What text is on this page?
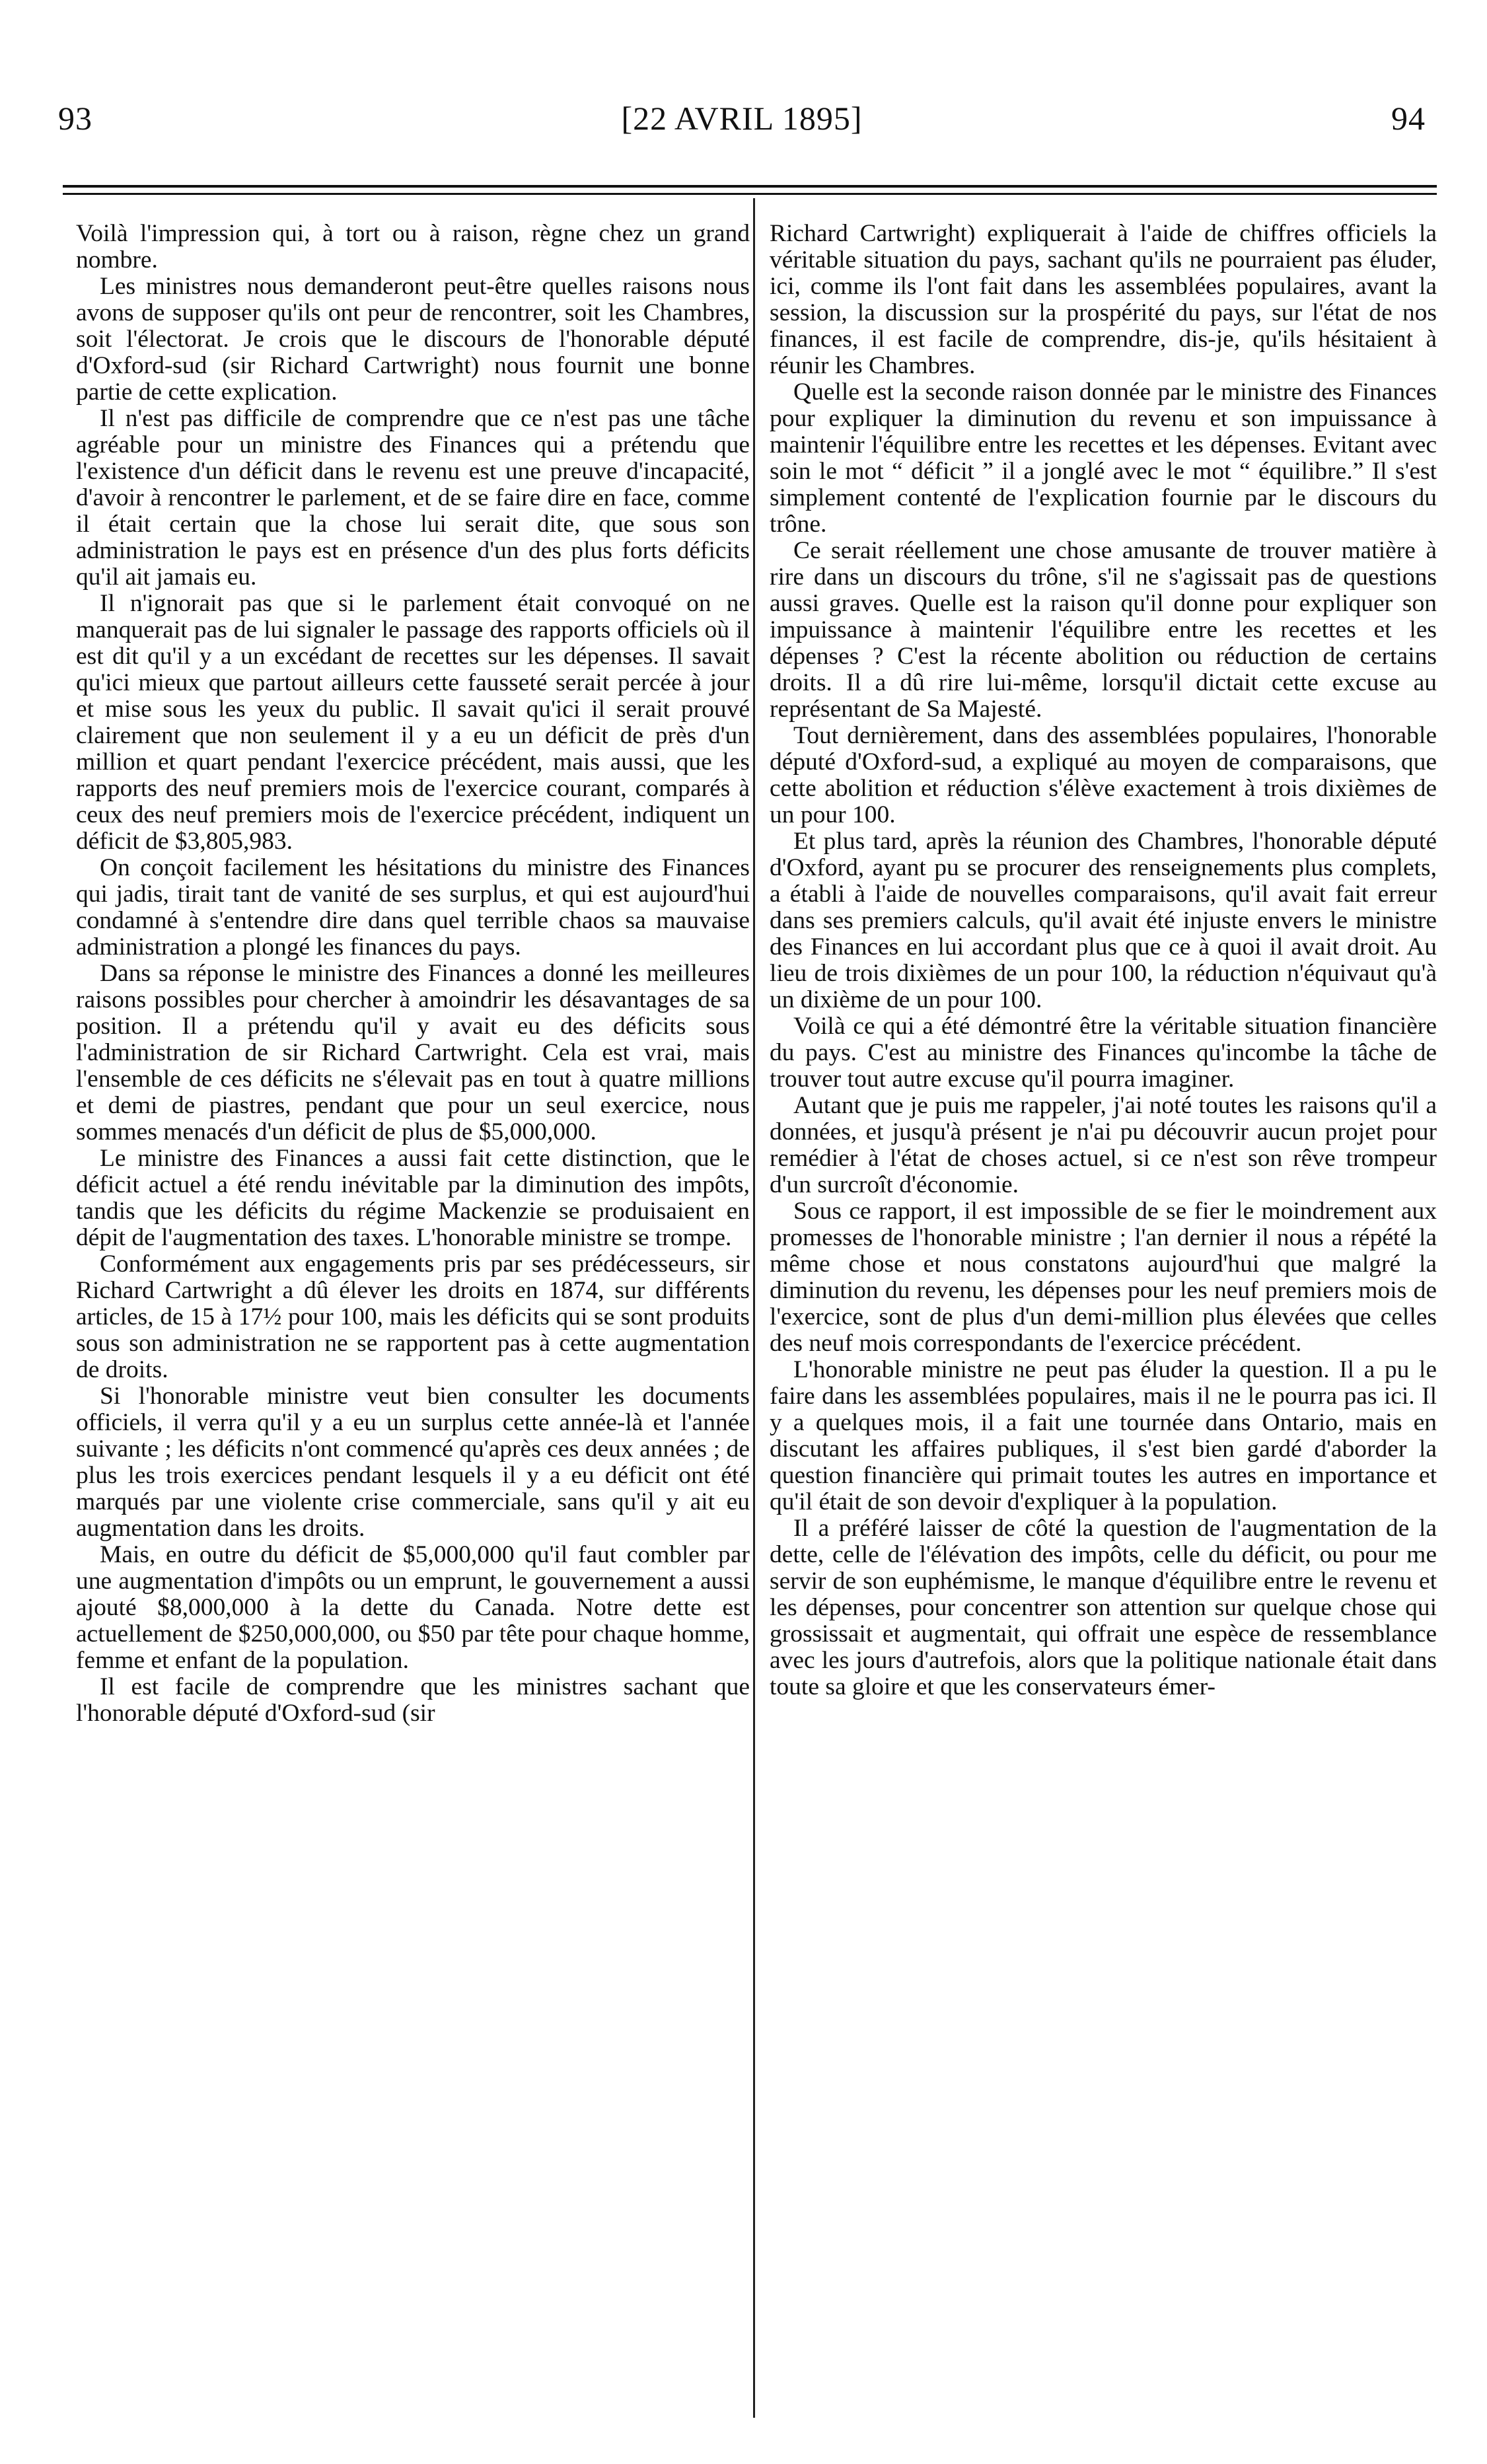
93	[22 AVRIL 1895]	94

Voilà l'impression qui, à tort ou à raison, règne chez un grand nombre.

Les ministres nous demanderont peut-être quelles raisons nous avons de supposer qu'ils ont peur de rencontrer, soit les Chambres, soit l'électorat. Je crois que le discours de l'honorable député d'Oxford-sud (sir Richard Cartwright) nous fournit une bonne partie de cette explication.

Il n'est pas difficile de comprendre que ce n'est pas une tâche agréable pour un ministre des Finances qui a prétendu que l'existence d'un déficit dans le revenu est une preuve d'incapacité, d'avoir à rencontrer le parlement, et de se faire dire en face, comme il était certain que la chose lui serait dite, que sous son administration le pays est en présence d'un des plus forts déficits qu'il ait jamais eu.

Il n'ignorait pas que si le parlement était convoqué on ne manquerait pas de lui signaler le passage des rapports officiels où il est dit qu'il y a un excédant de recettes sur les dépenses. Il savait qu'ici mieux que partout ailleurs cette fausseté serait percée à jour et mise sous les yeux du public. Il savait qu'ici il serait prouvé clairement que non seulement il y a eu un déficit de près d'un million et quart pendant l'exercice précédent, mais aussi, que les rapports des neuf premiers mois de l'exercice courant, comparés à ceux des neuf premiers mois de l'exercice précédent, indiquent un déficit de $3,805,983.

On conçoit facilement les hésitations du ministre des Finances qui jadis, tirait tant de vanité de ses surplus, et qui est aujourd'hui condamné à s'entendre dire dans quel terrible chaos sa mauvaise administration a plongé les finances du pays.

Dans sa réponse le ministre des Finances a donné les meilleures raisons possibles pour chercher à amoindrir les désavantages de sa position. Il a prétendu qu'il y avait eu des déficits sous l'administration de sir Richard Cartwright. Cela est vrai, mais l'ensemble de ces déficits ne s'élevait pas en tout à quatre millions et demi de piastres, pendant que pour un seul exercice, nous sommes menacés d'un déficit de plus de $5,000,000.

Le ministre des Finances a aussi fait cette distinction, que le déficit actuel a été rendu inévitable par la diminution des impôts, tandis que les déficits du régime Mackenzie se produisaient en dépit de l'augmentation des taxes. L'honorable ministre se trompe.

Conformément aux engagements pris par ses prédécesseurs, sir Richard Cartwright a dû élever les droits en 1874, sur différents articles, de 15 à 17½ pour 100, mais les déficits qui se sont produits sous son administration ne se rapportent pas à cette augmentation de droits.

Si l'honorable ministre veut bien consulter les documents officiels, il verra qu'il y a eu un surplus cette année-là et l'année suivante ; les déficits n'ont commencé qu'après ces deux années ; de plus les trois exercices pendant lesquels il y a eu déficit ont été marqués par une violente crise commerciale, sans qu'il y ait eu augmentation dans les droits.

Mais, en outre du déficit de $5,000,000 qu'il faut combler par une augmentation d'impôts ou un emprunt, le gouvernement a aussi ajouté $8,000,000 à la dette du Canada. Notre dette est actuellement de $250,000,000, ou $50 par tête pour chaque homme, femme et enfant de la population.

Il est facile de comprendre que les ministres sachant que l'honorable député d'Oxford-sud (sir

Richard Cartwright) expliquerait à l'aide de chiffres officiels la véritable situation du pays, sachant qu'ils ne pourraient pas éluder, ici, comme ils l'ont fait dans les assemblées populaires, avant la session, la discussion sur la prospérité du pays, sur l'état de nos finances, il est facile de comprendre, dis-je, qu'ils hésitaient à réunir les Chambres.

Quelle est la seconde raison donnée par le ministre des Finances pour expliquer la diminution du revenu et son impuissance à maintenir l'équilibre entre les recettes et les dépenses. Evitant avec soin le mot “ déficit ” il a jonglé avec le mot “ équilibre.” Il s'est simplement contenté de l'explication fournie par le discours du trône.

Ce serait réellement une chose amusante de trouver matière à rire dans un discours du trône, s'il ne s'agissait pas de questions aussi graves. Quelle est la raison qu'il donne pour expliquer son impuissance à maintenir l'équilibre entre les recettes et les dépenses ? C'est la récente abolition ou réduction de certains droits. Il a dû rire lui-même, lorsqu'il dictait cette excuse au représentant de Sa Majesté.

Tout dernièrement, dans des assemblées populaires, l'honorable député d'Oxford-sud, a expliqué au moyen de comparaisons, que cette abolition et réduction s'élève exactement à trois dixièmes de un pour 100.

Et plus tard, après la réunion des Chambres, l'honorable député d'Oxford, ayant pu se procurer des renseignements plus complets, a établi à l'aide de nouvelles comparaisons, qu'il avait fait erreur dans ses premiers calculs, qu'il avait été injuste envers le ministre des Finances en lui accordant plus que ce à quoi il avait droit. Au lieu de trois dixièmes de un pour 100, la réduction n'équivaut qu'à un dixième de un pour 100.

Voilà ce qui a été démontré être la véritable situation financière du pays. C'est au ministre des Finances qu'incombe la tâche de trouver tout autre excuse qu'il pourra imaginer.

Autant que je puis me rappeler, j'ai noté toutes les raisons qu'il a données, et jusqu'à présent je n'ai pu découvrir aucun projet pour remédier à l'état de choses actuel, si ce n'est son rêve trompeur d'un surcroît d'économie.

Sous ce rapport, il est impossible de se fier le moindrement aux promesses de l'honorable ministre ; l'an dernier il nous a répété la même chose et nous constatons aujourd'hui que malgré la diminution du revenu, les dépenses pour les neuf premiers mois de l'exercice, sont de plus d'un demi-million plus élevées que celles des neuf mois correspondants de l'exercice précédent.

L'honorable ministre ne peut pas éluder la question. Il a pu le faire dans les assemblées populaires, mais il ne le pourra pas ici. Il y a quelques mois, il a fait une tournée dans Ontario, mais en discutant les affaires publiques, il s'est bien gardé d'aborder la question financière qui primait toutes les autres en importance et qu'il était de son devoir d'expliquer à la population.

Il a préféré laisser de côté la question de l'augmentation de la dette, celle de l'élévation des impôts, celle du déficit, ou pour me servir de son euphémisme, le manque d'équilibre entre le revenu et les dépenses, pour concentrer son attention sur quelque chose qui grossissait et augmentait, qui offrait une espèce de ressemblance avec les jours d'autrefois, alors que la politique nationale était dans toute sa gloire et que les conservateurs émer-
